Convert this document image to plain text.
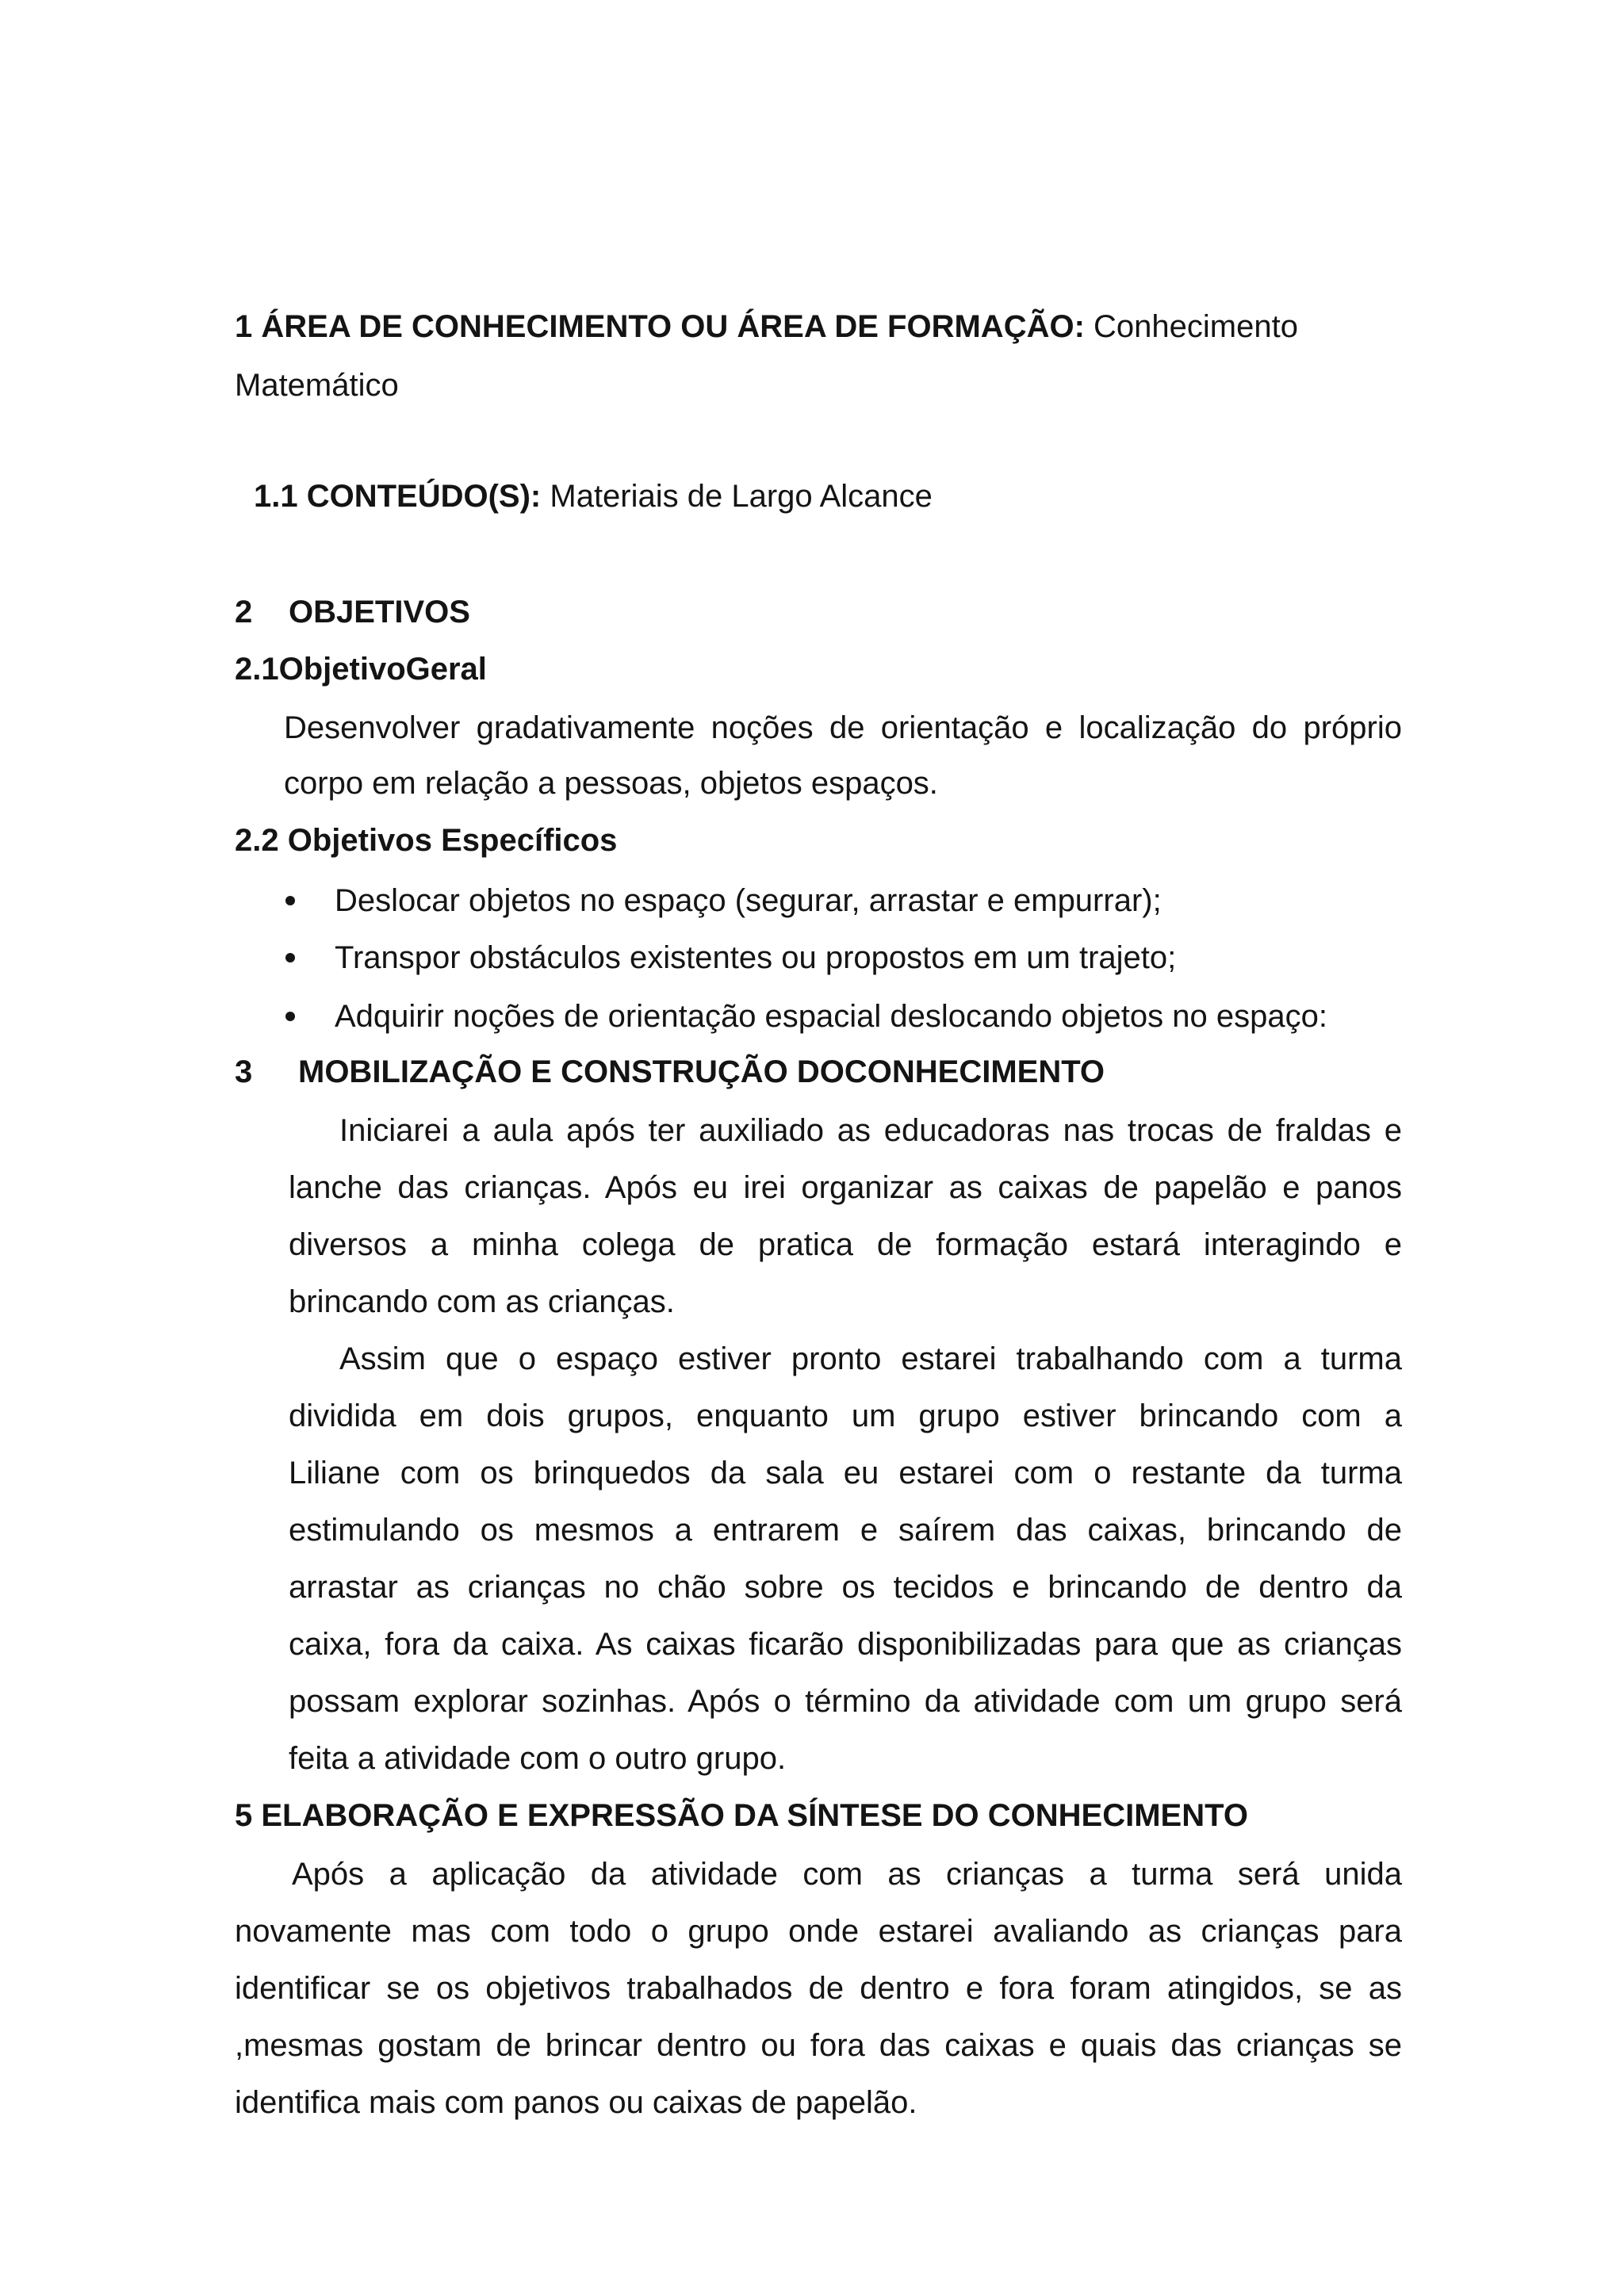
1 ÁREA DE CONHECIMENTO OU ÁREA DE FORMAÇÃO: Conhecimento
Matemático
1.1 CONTEÚDO(S): Materiais de Largo Alcance
2 OBJETIVOS
2.1ObjetivoGeral
Desenvolver gradativamente noções de orientação e localização do próprio
corpo em relação a pessoas, objetos espaços.
2.2 Objetivos Específicos
Deslocar objetos no espaço (segurar, arrastar e empurrar);
Transpor obstáculos existentes ou propostos em um trajeto;
Adquirir noções de orientação espacial deslocando objetos no espaço:
3 MOBILIZAÇÃO E CONSTRUÇÃO DOCONHECIMENTO
Iniciarei a aula após ter auxiliado as educadoras nas trocas de fraldas e
lanche das crianças. Após eu irei organizar as caixas de papelão e panos
diversos a minha colega de pratica de formação estará interagindo e
brincando com as crianças.
Assim que o espaço estiver pronto estarei trabalhando com a turma
dividida em dois grupos, enquanto um grupo estiver brincando com a
Liliane com os brinquedos da sala eu estarei com o restante da turma
estimulando os mesmos a entrarem e saírem das caixas, brincando de
arrastar as crianças no chão sobre os tecidos e brincando de dentro da
caixa, fora da caixa. As caixas ficarão disponibilizadas para que as crianças
possam explorar sozinhas. Após o término da atividade com um grupo será
feita a atividade com o outro grupo.
5 ELABORAÇÃO E EXPRESSÃO DA SÍNTESE DO CONHECIMENTO
Após a aplicação da atividade com as crianças a turma será unida
novamente mas com todo o grupo onde estarei avaliando as crianças para
identificar se os objetivos trabalhados de dentro e fora foram atingidos, se as
,mesmas gostam de brincar dentro ou fora das caixas e quais das crianças se
identifica mais com panos ou caixas de papelão.
